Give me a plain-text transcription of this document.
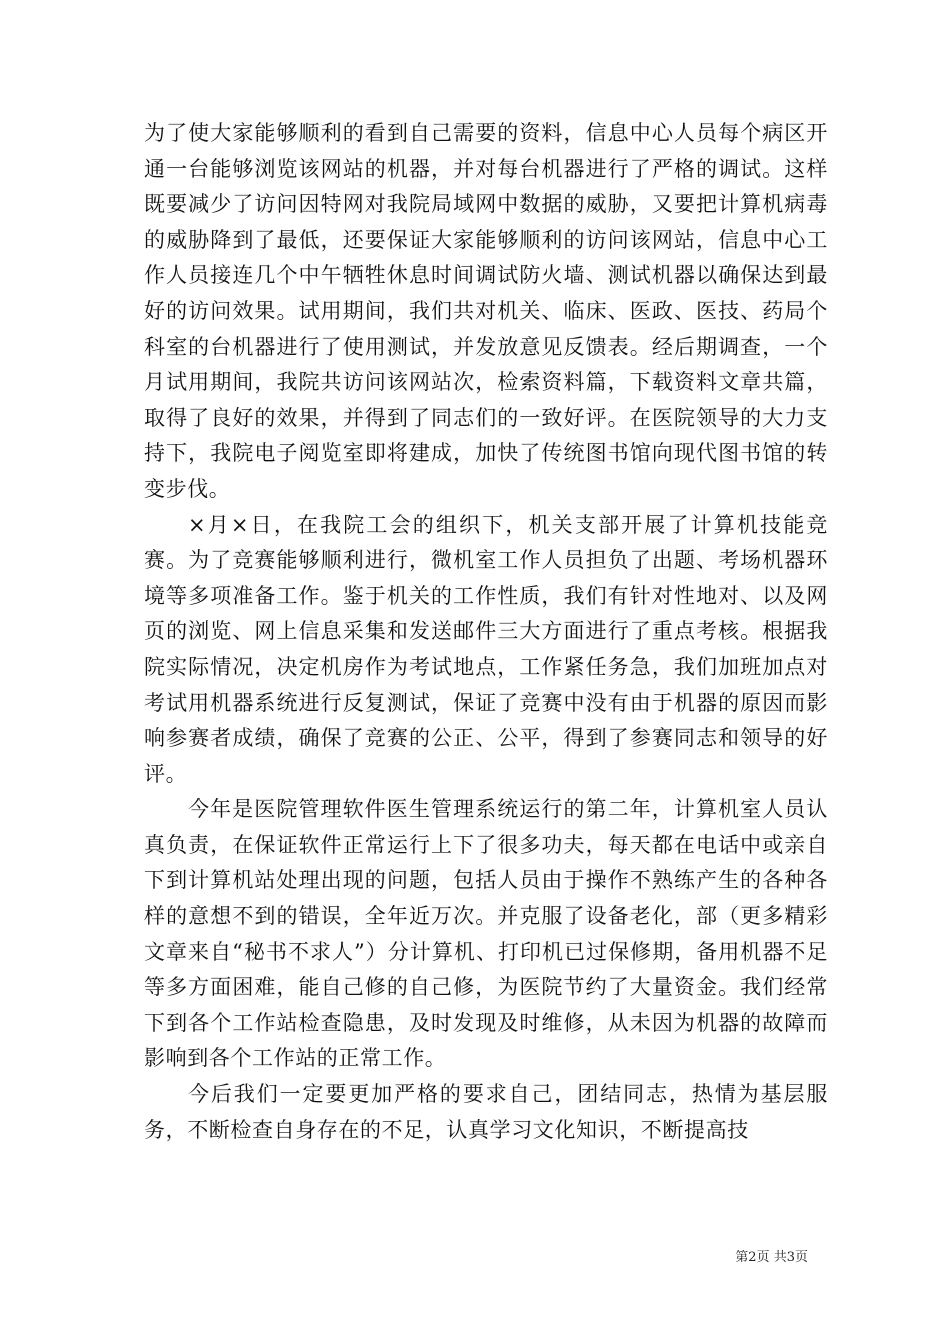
为了使大家能够顺利的看到自己需要的资料，信息中心人员每个病区开通一台能够浏览该网站的机器，并对每台机器进行了严格的调试。这样既要减少了访问因特网对我院局域网中数据的威胁，又要把计算机病毒的威胁降到了最低，还要保证大家能够顺利的访问该网站，信息中心工作人员接连几个中午牺牲休息时间调试防火墙、测试机器以确保达到最好的访问效果。试用期间，我们共对机关、临床、医政、医技、药局个科室的台机器进行了使用测试，并发放意见反馈表。经后期调查，一个月试用期间，我院共访问该网站次，检索资料篇，下载资料文章共篇，取得了良好的效果，并得到了同志们的一致好评。在医院领导的大力支持下，我院电子阅览室即将建成，加快了传统图书馆向现代图书馆的转变步伐。

×月×日，在我院工会的组织下，机关支部开展了计算机技能竞赛。为了竞赛能够顺利进行，微机室工作人员担负了出题、考场机器环境等多项准备工作。鉴于机关的工作性质，我们有针对性地对、以及网页的浏览、网上信息采集和发送邮件三大方面进行了重点考核。根据我院实际情况，决定机房作为考试地点，工作紧任务急，我们加班加点对考试用机器系统进行反复测试，保证了竞赛中没有由于机器的原因而影响参赛者成绩，确保了竞赛的公正、公平，得到了参赛同志和领导的好评。

今年是医院管理软件医生管理系统运行的第二年，计算机室人员认真负责，在保证软件正常运行上下了很多功夫，每天都在电话中或亲自下到计算机站处理出现的问题，包括人员由于操作不熟练产生的各种各样的意想不到的错误，全年近万次。并克服了设备老化，部（更多精彩文章来自“秘书不求人”）分计算机、打印机已过保修期，备用机器不足等多方面困难，能自己修的自己修，为医院节约了大量资金。我们经常下到各个工作站检查隐患，及时发现及时维修，从未因为机器的故障而影响到各个工作站的正常工作。

今后我们一定要更加严格的要求自己，团结同志，热情为基层服务，不断检查自身存在的不足，认真学习文化知识，不断提高技

第2页 共3页
